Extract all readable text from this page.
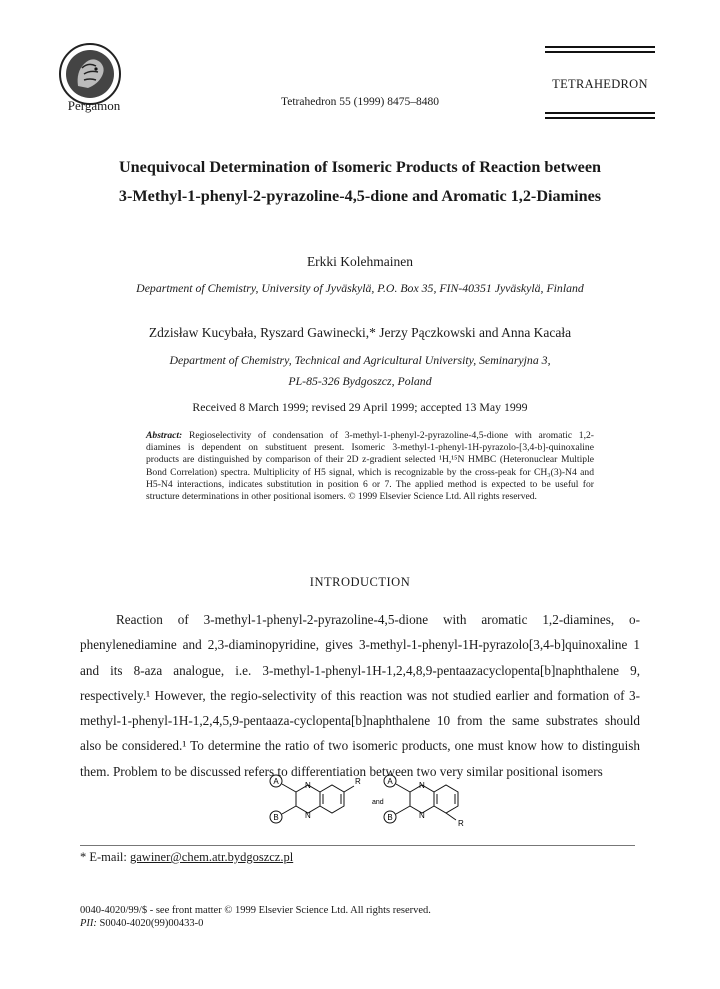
Pergamon	Tetrahedron 55 (1999) 8475–8480
TETRAHEDRON
Unequivocal Determination of Isomeric Products of Reaction between
3-Methyl-1-phenyl-2-pyrazoline-4,5-dione and Aromatic 1,2-Diamines
Erkki Kolehmainen
Department of Chemistry, University of Jyväskylä, P.O. Box 35, FIN-40351 Jyväskylä, Finland
Zdzisław Kucybała, Ryszard Gawinecki,* Jerzy Pączkowski and Anna Kacała
Department of Chemistry, Technical and Agricultural University, Seminaryjna 3,
PL-85-326 Bydgoszcz, Poland
Received 8 March 1999; revised 29 April 1999; accepted 13 May 1999
Abstract: Regioselectivity of condensation of 3-methyl-1-phenyl-2-pyrazoline-4,5-dione with aromatic 1,2-diamines is dependent on substituent present. Isomeric 3-methyl-1-phenyl-1H-pyrazolo-[3,4-b]-quinoxaline products are distinguished by comparison of their 2D z-gradient selected ¹H,¹⁵N HMBC (Heteronuclear Multiple Bond Correlation) spectra. Multiplicity of H5 signal, which is recognizable by the cross-peak for CH₃(3)-N4 and H5-N4 interactions, indicates substitution in position 6 or 7. The applied method is expected to be useful for structure determinations in other positional isomers. © 1999 Elsevier Science Ltd. All rights reserved.
INTRODUCTION
Reaction of 3-methyl-1-phenyl-2-pyrazoline-4,5-dione with aromatic 1,2-diamines, o-phenylenediamine and 2,3-diaminopyridine, gives 3-methyl-1-phenyl-1H-pyrazolo[3,4-b]quinoxaline 1 and its 8-aza analogue, i.e. 3-methyl-1-phenyl-1H-1,2,4,8,9-pentaazacyclopenta[b]naphthalene 9, respectively.¹ However, the regio-selectivity of this reaction was not studied earlier and formation of 3-methyl-1-phenyl-1H-1,2,4,5,9-pentaaza-cyclopenta[b]naphthalene 10 from the same substrates should also be considered.¹ To determine the ratio of two isomeric products, one must know how to distinguish them. Problem to be discussed refers to differentiation between two very similar positional isomers
A
B
N
N
R
and
A
B
N
N
R
* E-mail: gawiner@chem.atr.bydgoszcz.pl
0040-4020/99/$ - see front matter © 1999 Elsevier Science Ltd. All rights reserved.
PII: S0040-4020(99)00433-0
